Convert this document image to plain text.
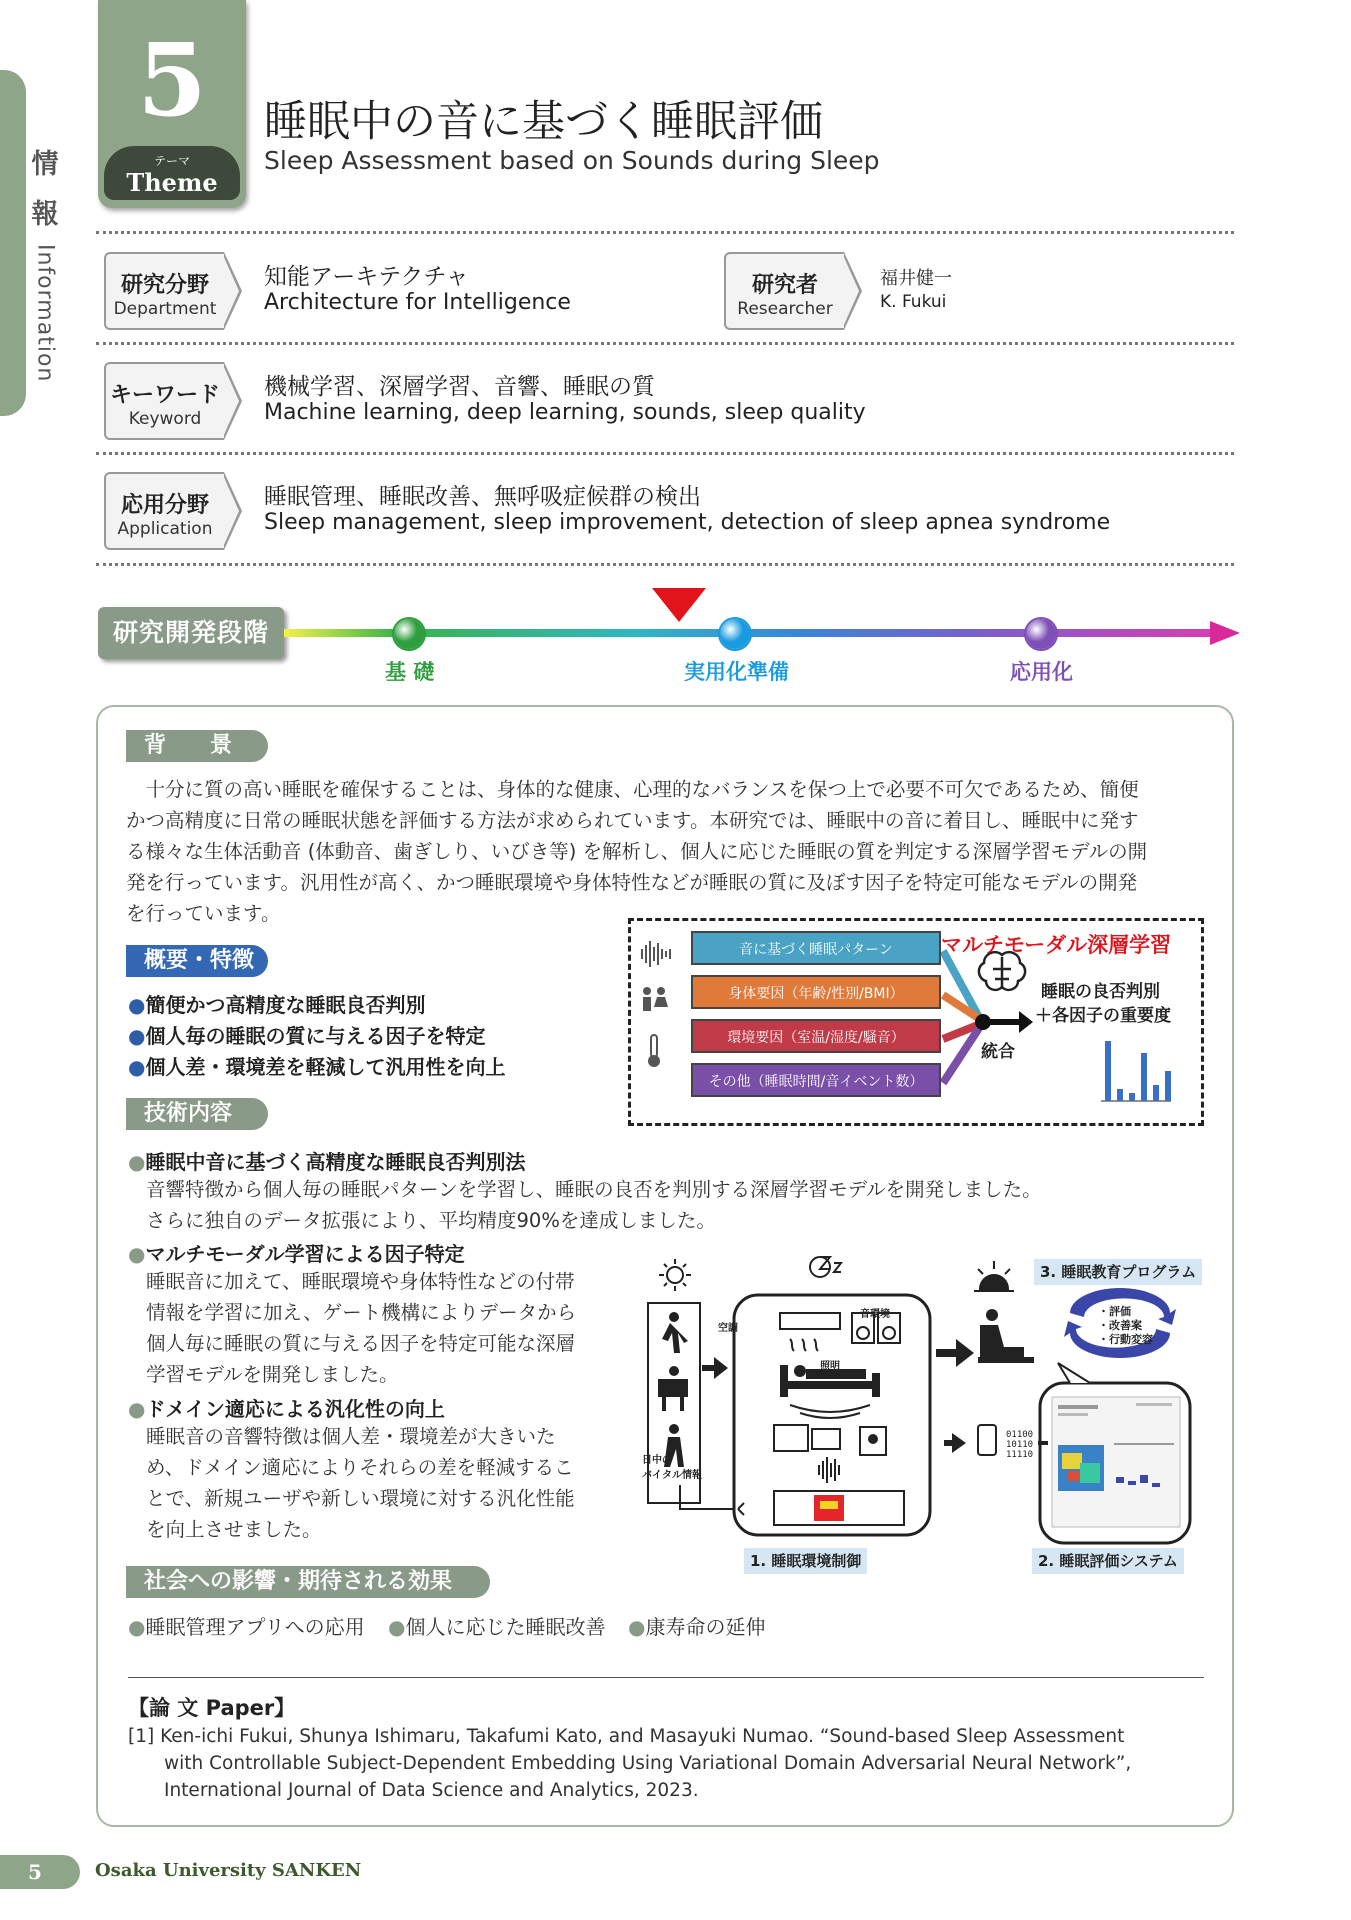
情
報
Information
5
テーマ
Theme
睡眠中の音に基づく睡眠評価
Sleep Assessment based on Sounds during Sleep
研究分野
Department
知能アーキテクチャ
Architecture for Intelligence
研究者
Researcher
福井健一
K. Fukui
キーワード
Keyword
機械学習、深層学習、音響、睡眠の質
Machine learning, deep learning, sounds, sleep quality
応用分野
Application
睡眠管理、睡眠改善、無呼吸症候群の検出
Sleep management, sleep improvement, detection of sleep apnea syndrome
研究開発段階
基 礎	実用化準備	応用化
背　　景
　十分に質の高い睡眠を確保することは、身体的な健康、心理的なバランスを保つ上で必要不可欠であるため、簡便
かつ高精度に日常の睡眠状態を評価する方法が求められています。本研究では、睡眠中の音に着目し、睡眠中に発す
る様々な生体活動音 (体動音、歯ぎしり、いびき等) を解析し、個人に応じた睡眠の質を判定する深層学習モデルの開
発を行っています。汎用性が高く、かつ睡眠環境や身体特性などが睡眠の質に及ぼす因子を特定可能なモデルの開発
を行っています。
概要・特徴
●簡便かつ高精度な睡眠良否判別
●個人毎の睡眠の質に与える因子を特定
●個人差・環境差を軽減して汎用性を向上
音に基づく睡眠パターン
身体要因（年齢/性別/BMI）
環境要因（室温/湿度/騒音）
その他（睡眠時間/音イベント数）
マルチモーダル深層学習
睡眠の良否判別
＋各因子の重要度
統合
技術内容
●睡眠中音に基づく高精度な睡眠良否判別法
音響特徴から個人毎の睡眠パターンを学習し、睡眠の良否を判別する深層学習モデルを開発しました。
さらに独自のデータ拡張により、平均精度90%を達成しました。
●マルチモーダル学習による因子特定
睡眠音に加えて、睡眠環境や身体特性などの付帯
情報を学習に加え、ゲート機構によりデータから
個人毎に睡眠の質に与える因子を特定可能な深層
学習モデルを開発しました。
●ドメイン適応による汎化性の向上
睡眠音の音響特徴は個人差・環境差が大きいた
め、ドメイン適応によりそれらの差を軽減するこ
とで、新規ユーザや新しい環境に対する汎化性能
を向上させました。
01100
10110
11110
空調
音環境
照明
日中の
バイタル情報
・評価
・改善案
・行動変容
3. 睡眠教育プログラム
1. 睡眠環境制御	2. 睡眠評価システム
社会への影響・期待される効果
●睡眠管理アプリへの応用 ●個人に応じた睡眠改善 ●康寿命の延伸
【論 文 Paper】
[1] Ken-ichi Fukui, Shunya Ishimaru, Takafumi Kato, and Masayuki Numao. “Sound-based Sleep Assessment
with Controllable Subject-Dependent Embedding Using Variational Domain Adversarial Neural Network”,
International Journal of Data Science and Analytics, 2023.
5	Osaka University SANKEN
